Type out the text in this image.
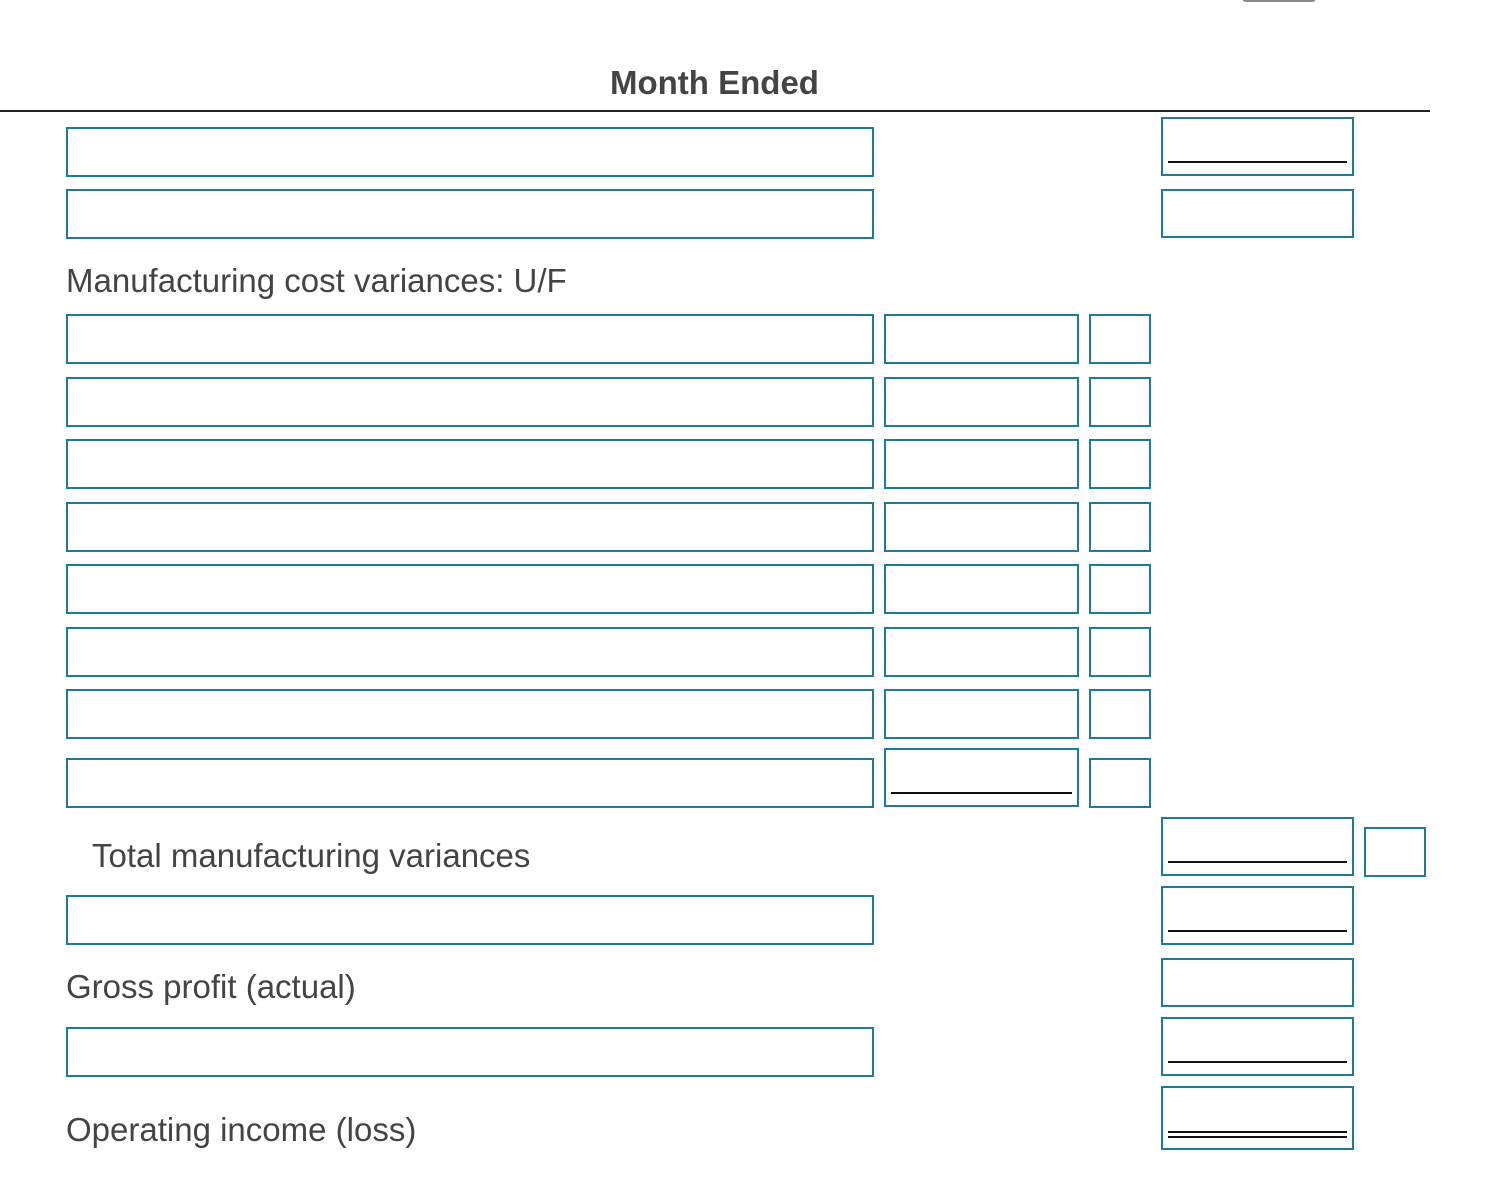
Month Ended
Manufacturing cost variances: U/F
Total manufacturing variances
Gross profit (actual)
Operating income (loss)
